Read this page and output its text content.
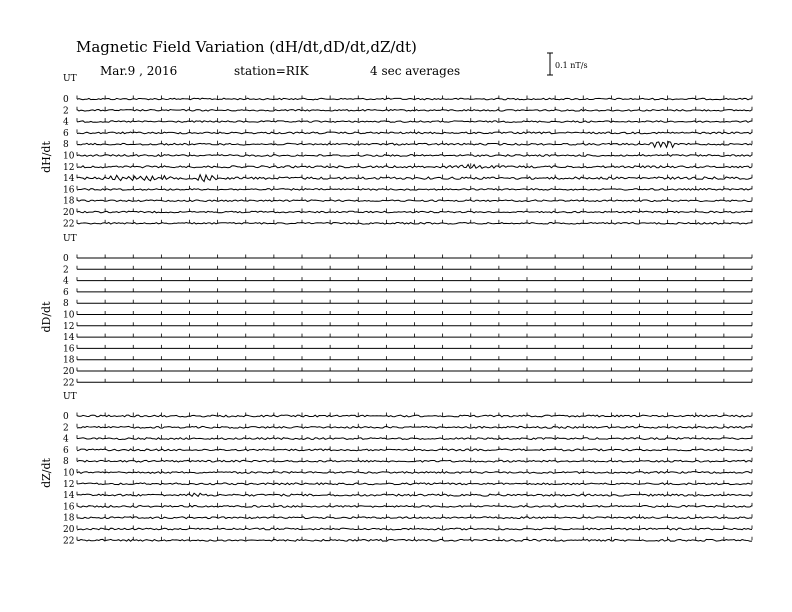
Magnetic Field Variation (dH/dt,dD/dt,dZ/dt)
Mar.9 , 2016	station=RIK	4 sec averages	0.1 nT/s
UT
dH/dt
0
2
4
6
8
10
12
14
16
18
20
22
UT
dD/dt
0
2
4
6
8
10
12
14
16
18
20
22
UT
dZ/dt
0
2
4
6
8
10
12
14
16
18
20
22
